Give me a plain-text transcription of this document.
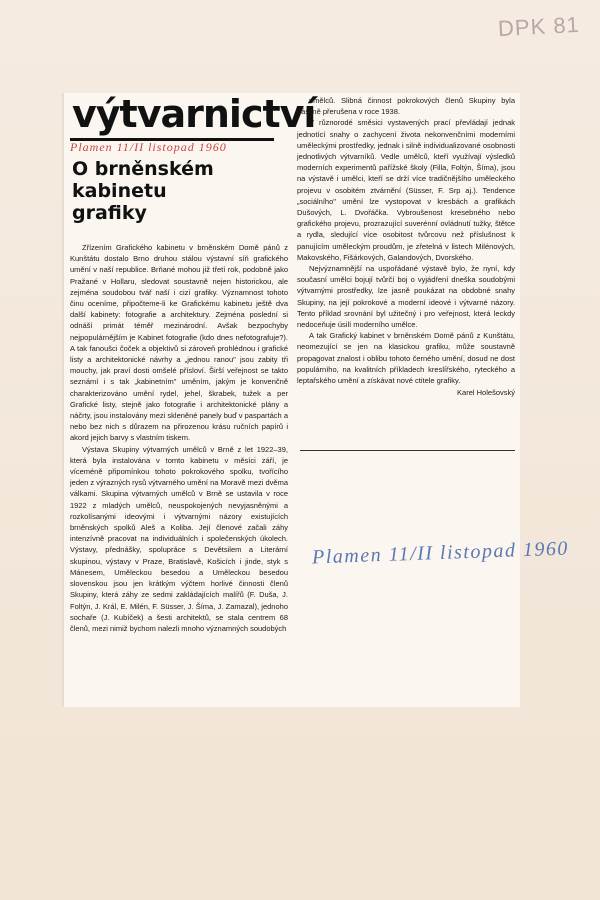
DPK 81
výtvarnictví
Plamen 11/II listopad 1960
O brněnském
kabinetu
grafiky

Zřízením Grafického kabinetu v brněnském Domě pánů z Kunštátu dostalo Brno druhou stálou výstavní síň grafického umění v naší republice. Brňané mohou již třetí rok, podobně jako Pražané v Hollaru, sledovat soustavně nejen historickou, ale zejména soudobou tvář naší i cizí grafiky. Významnost tohoto činu oceníme, připočteme-li ke Grafickému kabinetu ještě dva další kabinety: fotografie a architektury. Zejména poslední si odnáší primát téměř mezinárodní. Avšak bezpochyby nejpopulárnějším je Kabinet fotografie (kdo dnes nefotografuje?). A tak fanoušci čoček a objektivů si zároveň prohlédnou i grafické listy a architektonické návrhy a „jednou ranou" jsou zabity tři mouchy, jak praví dosti omšelé přísloví. Širší veřejnost se takto seznámí i s tak „kabinetním" uměním, jakým je konvenčně charakterizováno umění rydel, jehel, škrabek, tužek a per Grafické listy, stejně jako fotografie i architektonické plány a náčrty, jsou instalovány mezi skleněné panely buď v paspartách a nebo bez nich s důrazem na přirozenou krásu ručních papírů i akord jejich barvy s vlastním tiskem.

Výstava Skupiny výtvarných umělců v Brně z let 1922–39, která byla instalována v tomto kabinetu v měsíci září, je víceméně připomínkou tohoto pokrokového spolku, tvořícího jeden z výrazných rysů výtvarného umění na Moravě mezi dvěma válkami. Skupina výtvarných umělců v Brně se ustavila v roce 1922 z mladých umělců, neuspokojených nevyjasněnými a rozkolísanými ideovými i výtvarnými názory existujících brněnských spolků Aleš a Koliba. Její členové začali záhy intenzívně pracovat na individuálních i společenských úkolech. Výstavy, přednášky, spolupráce s Devětsilem a Literární skupinou, výstavy v Praze, Bratislavě, Košicích i jinde, styk s Mánesem, Uměleckou besedou a Uměleckou besedou slovenskou jsou jen krátkým výčtem horlivé činnosti členů Skupiny, která záhy ze sedmi zakládajících malířů (F. Duša, J. Foltýn, J. Král, E. Milén, F. Süsser, J. Šíma, J. Zamazal), jednoho sochaře (J. Kubíček) a šesti architektů, se stala centrem 68 členů, mezi nimiž bychom nalezli mnoho významných soudobých

umělců. Slibná činnost pokrokových členů Skupiny byla násilně přerušena v roce 1938.

V různorodé směsici vystavených prací převládají jednak jednotící snahy o zachycení života nekonvenčními moderními uměleckými prostředky, jednak i silně individualizované osobnosti jednotlivých výtvarníků. Vedle umělců, kteří využívají výsledků moderních experimentů pařížské školy (Filla, Foltýn, Šíma), jsou na výstavě i umělci, kteří se drží více tradičnějšího uměleckého projevu v osobitém ztvárnění (Süsser, F. Srp aj.). Tendence „sociálního" umění lze vystopovat v kresbách a grafikách Dušových, L. Dvořáčka. Vybroušenost kresebného nebo grafického projevu, prozrazující suverénní ovládnutí tužky, štětce a rydla, sledující více osobitost tvůrcovu než příslušnost k panujícím uměleckým proudům, je zřetelná v listech Milénových, Makovského, Fišárkových, Galandových, Dvorského.

Nejvýznamnější na uspořádané výstavě bylo, že nyní, kdy současní umělci bojují tvůrčí boj o vyjádření dneška soudobými výtvarnými prostředky, lze jasně poukázat na obdobné snahy Skupiny, na její pokrokové a moderní ideové i výtvarné názory. Tento příklad srovnání byl užitečný i pro veřejnost, která leckdy nedoceňuje úsilí moderního umělce.

A tak Grafický kabinet v brněnském Domě pánů z Kunštátu, neomezující se jen na klasickou grafiku, může soustavně propagovat znalost i oblibu tohoto černého umění, dosud ne dost populárního, na kvalitních příkladech kreslířského, ryteckého a leptařského umění a získávat nové ctitele grafiky.

Karel Holešovský

Plamen 11/II listopad 1960
